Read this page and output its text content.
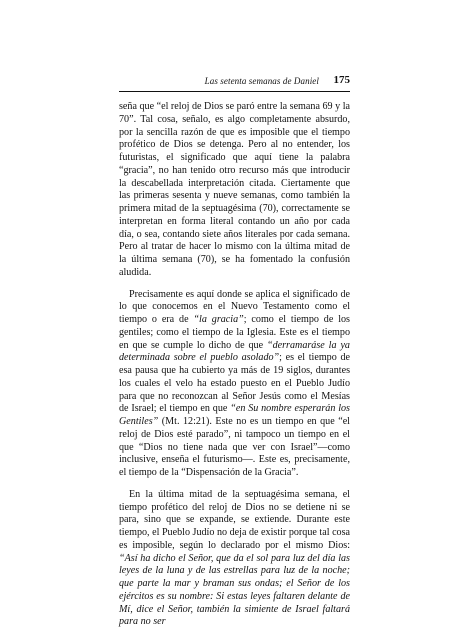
Las setenta semanas de Daniel 175

seña que “el reloj de Dios se paró entre la semana 69 y la 70”. Tal cosa, señalo, es algo completamente absurdo, por la sencilla razón de que es imposible que el tiempo profético de Dios se detenga. Pero al no entender, los futuristas, el significado que aquí tiene la palabra “gracia”, no han tenido otro recurso más que introducir la descabellada interpretación citada. Ciertamente que las primeras sesenta y nueve semanas, como también la primera mitad de la septuagésima (70), correctamente se interpretan en forma literal contando un año por cada día, o sea, contando siete años literales por cada semana. Pero al tratar de hacer lo mismo con la última mitad de la última semana (70), se ha fomentado la confusión aludida.

Precisamente es aquí donde se aplica el significado de lo que conocemos en el Nuevo Testamento como el tiempo o era de “la gracia”; como el tiempo de los gentiles; como el tiempo de la Iglesia. Este es el tiempo en que se cumple lo dicho de que “derramaráse la ya determinada sobre el pueblo asolado”; es el tiempo de esa pausa que ha cubierto ya más de 19 siglos, durantes los cuales el velo ha estado puesto en el Pueblo Judío para que no reconozcan al Señor Jesús como el Mesías de Israel; el tiempo en que “en Su nombre esperarán los Gentiles” (Mt. 12:21). Este no es un tiempo en que “el reloj de Dios esté parado”, ni tampoco un tiempo en el que “Dios no tiene nada que ver con Israel”—como inclusive, enseña el futurismo—. Este es, precisamente, el tiempo de la “Dispensación de la Gracia”.

En la última mitad de la septuagésima semana, el tiempo profético del reloj de Dios no se detiene ni se para, sino que se expande, se extiende. Durante este tiempo, el Pueblo Judío no deja de existir porque tal cosa es imposible, según lo declarado por el mismo Dios: “Así ha dicho el Señor, que da el sol para luz del día las leyes de la luna y de las estrellas para luz de la noche; que parte la mar y braman sus ondas; el Señor de los ejércitos es su nombre: Si estas leyes faltaren delante de Mí, dice el Señor, también la simiente de Israel faltará para no ser
